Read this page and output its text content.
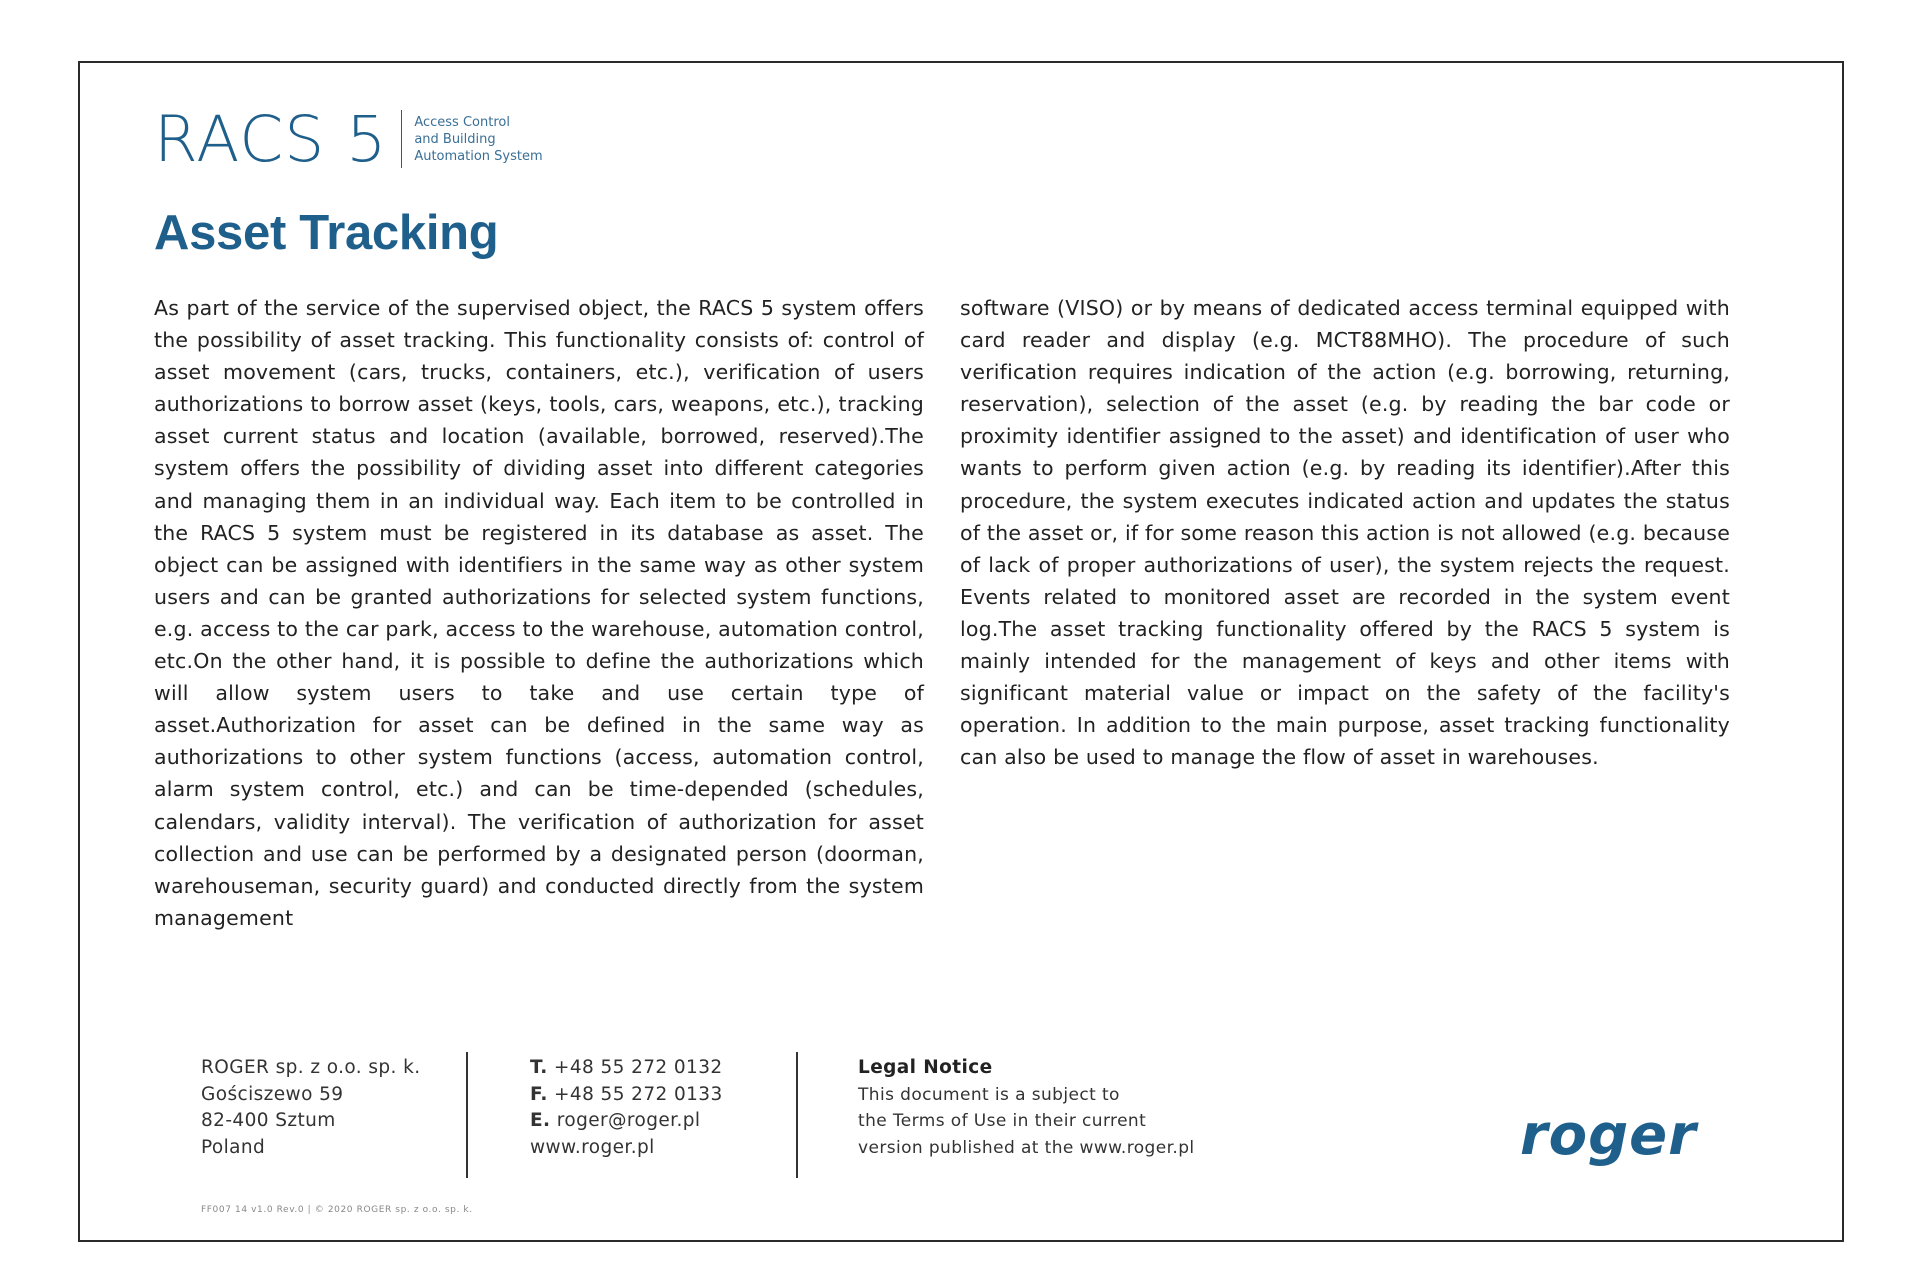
RACS 5 Access Control
and Building
Automation System
Asset Tracking

As part of the service of the supervised object, the RACS 5 system offers the possibility of asset tracking. This functionality consists of: control of asset movement (cars, trucks, containers, etc.), verification of users authorizations to borrow asset (keys, tools, cars, weapons, etc.), tracking asset current status and location (available, borrowed, reserved).The system offers the possibility of dividing asset into different categories and managing them in an individual way. Each item to be controlled in the RACS 5 system must be registered in its database as asset. The object can be assigned with identifiers in the same way as other system users and can be granted authorizations for selected system functions, e.g. access to the car park, access to the warehouse, automation control, etc.On the other hand, it is possible to define the authorizations which will allow system users to take and use certain type of asset.Authorization for asset can be defined in the same way as authorizations to other system functions (access, automation control, alarm system control, etc.) and can be time-depended (schedules, calendars, validity interval). The verification of authorization for asset collection and use can be performed by a designated person (doorman, warehouseman, security guard) and conducted directly from the system management

software (VISO) or by means of dedicated access terminal equipped with card reader and display (e.g. MCT88MHO). The procedure of such verification requires indication of the action (e.g. borrowing, returning, reservation), selection of the asset (e.g. by reading the bar code or proximity identifier assigned to the asset) and identification of user who wants to perform given action (e.g. by reading its identifier).After this procedure, the system executes indicated action and updates the status of the asset or, if for some reason this action is not allowed (e.g. because of lack of proper authorizations of user), the system rejects the request. Events related to monitored asset are recorded in the system event log.The asset tracking functionality offered by the RACS 5 system is mainly intended for the management of keys and other items with significant material value or impact on the safety of the facility's operation. In addition to the main purpose, asset tracking functionality can also be used to manage the flow of asset in warehouses.

ROGER sp. z o.o. sp. k.
Gościszewo 59
82-400 Sztum
Poland
T. +48 55 272 0132
F. +48 55 272 0133
E. roger@roger.pl
www.roger.pl
Legal Notice
This document is a subject to
the Terms of Use in their current
version published at the www.roger.pl	roger
FF007 14 v1.0 Rev.0 | © 2020 ROGER sp. z o.o. sp. k.
